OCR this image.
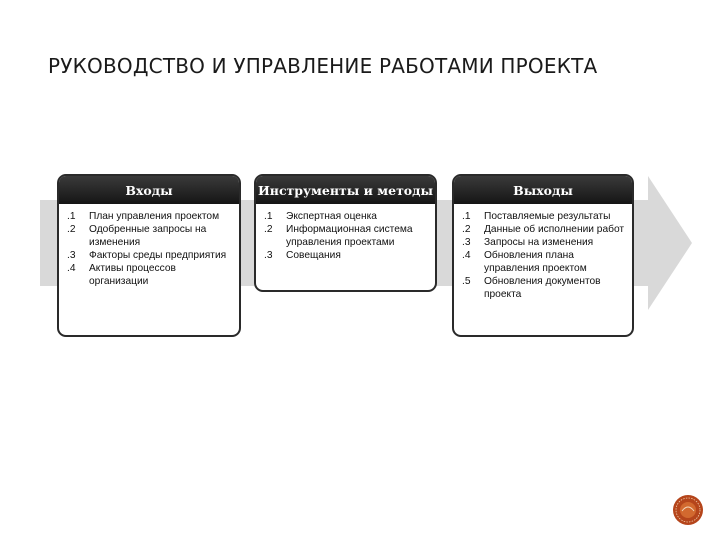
РУКОВОДСТВО И УПРАВЛЕНИЕ РАБОТАМИ ПРОЕКТА
Входы
.1	План управления проектом
.2	Одобренные запросы на изменения
.3	Факторы среды предприятия
.4	Активы процессов организации
Инструменты и методы
.1	Экспертная оценка
.2	Информационная система управления проектами
.3	Совещания
Выходы
.1	Поставляемые результаты
.2	Данные об исполнении работ
.3	Запросы на изменения
.4	Обновления плана управления проектом
.5	Обновления документов проекта
